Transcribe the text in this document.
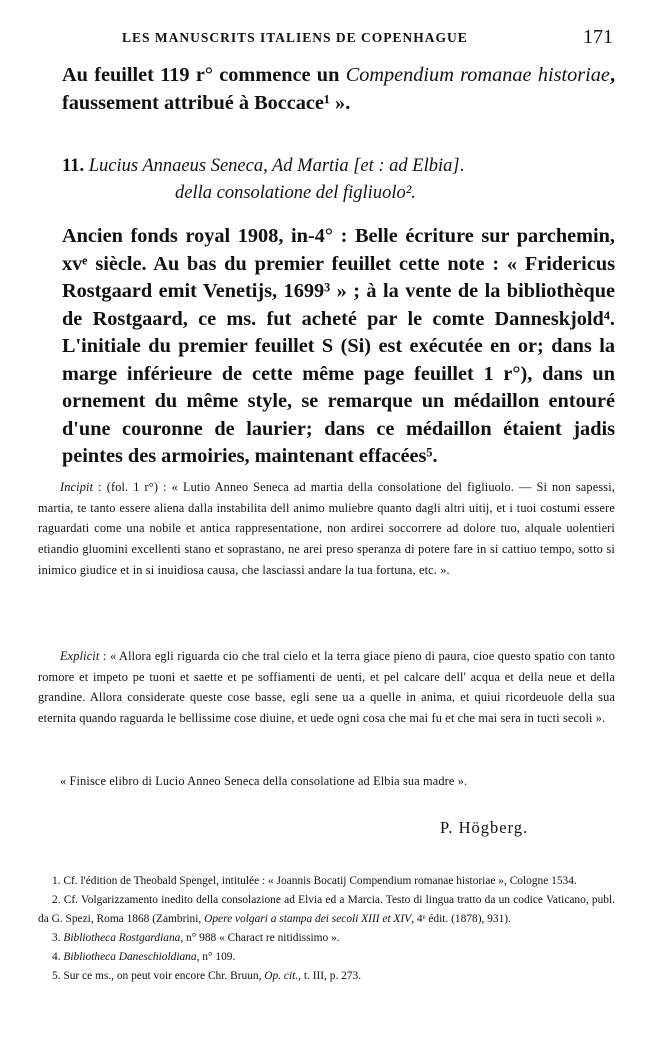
LES MANUSCRITS ITALIENS DE COPENHAGUE	171
Au feuillet 119 r° commence un Compendium romanae historiae, faussement attribué à Boccace¹ ».
11. Lucius Annaeus Seneca, Ad Martia [et : ad Elbia].
della consolatione del figliuolo².
Ancien fonds royal 1908, in-4° : Belle écriture sur parchemin, xvᵉ siècle. Au bas du premier feuillet cette note : « Fridericus Rostgaard emit Venetijs, 1699³ » ; à la vente de la bibliothèque de Rostgaard, ce ms. fut acheté par le comte Danneskjold⁴. L'initiale du premier feuillet S (Si) est exécutée en or; dans la marge inférieure de cette même page feuillet 1 r°), dans un ornement du même style, se remarque un médaillon entouré d'une couronne de laurier; dans ce médaillon étaient jadis peintes des armoiries, maintenant effacées⁵.

Incipit : (fol. 1 r°) : « Lutio Anneo Seneca ad martia della consolatione del figliuolo. — Si non sapessi, martia, te tanto essere aliena dalla instabilita dell animo muliebre quanto dagli altri uitij, et i tuoi costumi essere raguardati come una nobile et antica rappresentatione, non ardirei soccorrere ad dolore tuo, alquale uolentieri etiandio gluomini excellenti stano et soprastano, ne arei preso speranza di potere fare in si cattiuo tempo, sotto si inimico giudice et in si inuidiosa causa, che lasciassi andare la tua fortuna, etc. ».

Explicit : « Allora egli riguarda cio che tral cielo et la terra giace pieno di paura, cioe questo spatio con tanto romore et impeto pe tuoni et saette et pe soffiamenti de uenti, et pel calcare dell' acqua et della neue et della grandine. Allora considerate queste cose basse, egli sene ua a quelle in anima, et quiui ricordeuole della sua eternita quando raguarda le bellissime cose diuine, et uede ogni cosa che mai fu et che mai sera in tucti secoli ».

« Finisce elibro di Lucio Anneo Seneca della consolatione ad Elbia sua madre ».

P. Högberg.

1. Cf. l'édition de Theobald Spengel, intitulée : « Joannis Bocatij Compendium romanae historiae », Cologne 1534.

2. Cf. Volgarizzamento inedito della consolazione ad Elvia ed a Marcia. Testo di lingua tratto da un codice Vaticano, publ. da G. Spezi, Roma 1868 (Zambrini, Opere volgari a stampa dei secoli XIII et XIV, 4ᵉ édit. (1878), 931).

3. Bibliotheca Rostgardiana, n° 988 « Charact re nitidissimo ».

4. Bibliotheca Daneschioldiana, n° 109.

5. Sur ce ms., on peut voir encore Chr. Bruun, Op. cit., t. III, p. 273.
